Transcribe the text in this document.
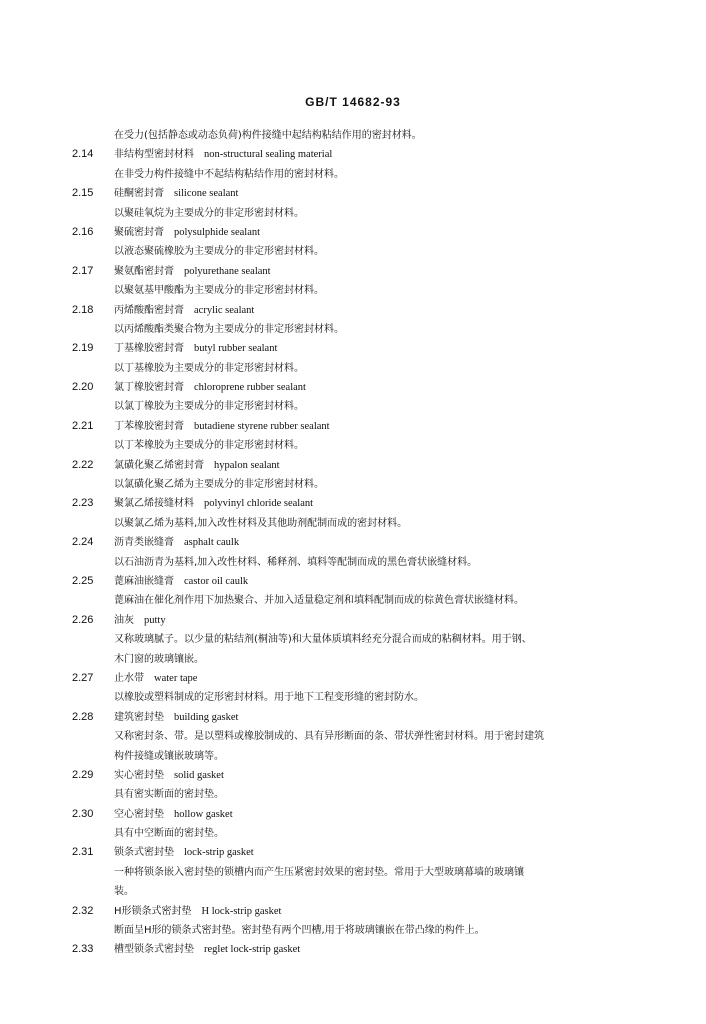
GB/T 14682-93
在受力(包括静态或动态负荷)构件接缝中起结构粘结作用的密封材料。
2.14 非结构型密封材料 non-structural sealing material
在非受力构件接缝中不起结构粘结作用的密封材料。
2.15 硅酮密封膏 silicone sealant
以聚硅氧烷为主要成分的非定形密封材料。
2.16 聚硫密封膏 polysulphide sealant
以液态聚硫橡胶为主要成分的非定形密封材料。
2.17 聚氨酯密封膏 polyurethane sealant
以聚氨基甲酸酯为主要成分的非定形密封材料。
2.18 丙烯酸酯密封膏 acrylic sealant
以丙烯酸酯类聚合物为主要成分的非定形密封材料。
2.19 丁基橡胶密封膏 butyl rubber sealant
以丁基橡胶为主要成分的非定形密封材料。
2.20 氯丁橡胶密封膏 chloroprene rubber sealant
以氯丁橡胶为主要成分的非定形密封材料。
2.21 丁苯橡胶密封膏 butadiene styrene rubber sealant
以丁苯橡胶为主要成分的非定形密封材料。
2.22 氯磺化聚乙烯密封膏 hypalon sealant
以氯磺化聚乙烯为主要成分的非定形密封材料。
2.23 聚氯乙烯接缝材料 polyvinyl chloride sealant
以聚氯乙烯为基料,加入改性材料及其他助剂配制而成的密封材料。
2.24 沥青类嵌缝膏 asphalt caulk
以石油沥青为基料,加入改性材料、稀释剂、填料等配制而成的黑色膏状嵌缝材料。
2.25 蓖麻油嵌缝膏 castor oil caulk
蓖麻油在催化剂作用下加热聚合、并加入适量稳定剂和填料配制而成的棕黄色膏状嵌缝材料。
2.26 油灰 putty
又称玻璃腻子。以少量的粘结剂(桐油等)和大量体质填料经充分混合而成的粘稠材料。用于钢、
木门窗的玻璃镶嵌。
2.27 止水带 water tape
以橡胶或塑料制成的定形密封材料。用于地下工程变形缝的密封防水。
2.28 建筑密封垫 building gasket
又称密封条、带。是以塑料或橡胶制成的、具有异形断面的条、带状弹性密封材料。用于密封建筑
构件接缝或镶嵌玻璃等。
2.29 实心密封垫 solid gasket
具有密实断面的密封垫。
2.30 空心密封垫 hollow gasket
具有中空断面的密封垫。
2.31 锁条式密封垫 lock-strip gasket
一种将锁条嵌入密封垫的锁槽内而产生压紧密封效果的密封垫。常用于大型玻璃幕墙的玻璃镶
装。
2.32 H形锁条式密封垫 H lock-strip gasket
断面呈H形的锁条式密封垫。密封垫有两个凹槽,用于将玻璃镶嵌在带凸缘的构件上。
2.33 槽型锁条式密封垫 reglet lock-strip gasket
